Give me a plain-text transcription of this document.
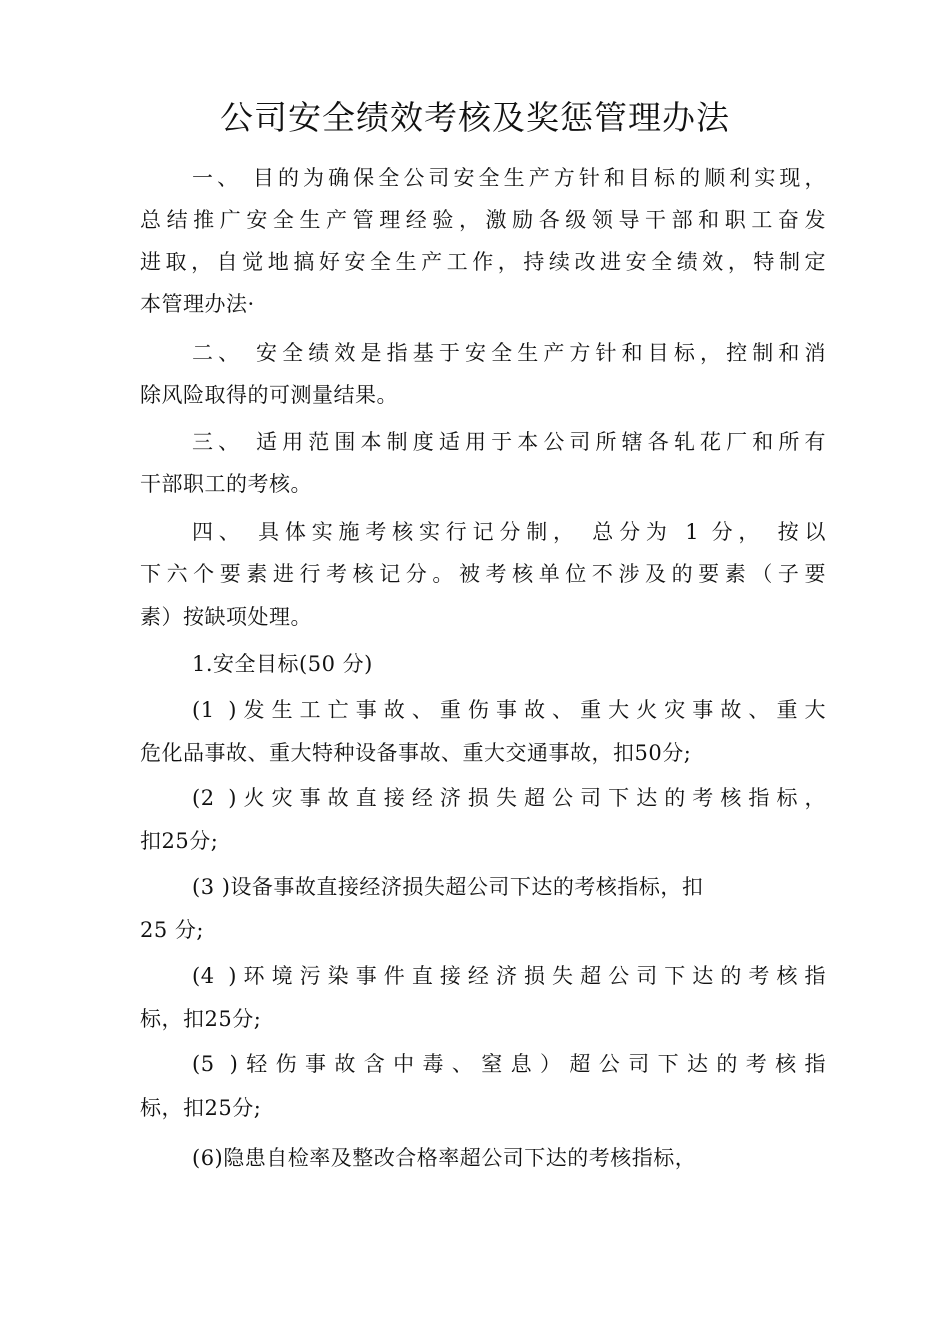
公司安全绩效考核及奖惩管理办法
一、 目的为确保全公司安全生产方针和目标的顺利实现，
总结推广安全生产管理经验，激励各级领导干部和职工奋发
进取，自觉地搞好安全生产工作，持续改进安全绩效，特制定
本管理办法·
二、 安全绩效是指基于安全生产方针和目标，控制和消
除风险取得的可测量结果。
三、 适用范围本制度适用于本公司所辖各轧花厂和所有
干部职工的考核。
四、 具体实施考核实行记分制， 总分为 1 分， 按以
下六个要素进行考核记分。被考核单位不涉及的要素（子要
素）按缺项处理。
1.安全目标(50 分)
(1 )发生工亡事故、重伤事故、重大火灾事故、重大
危化品事故、重大特种设备事故、重大交通事故，扣50分;
(2 )火灾事故直接经济损失超公司下达的考核指标，
扣25分;
(3 )设备事故直接经济损失超公司下达的考核指标，扣
25 分;
(4 )环境污染事件直接经济损失超公司下达的考核指
标，扣25分;
(5 )轻伤事故含中毒、窒息）超公司下达的考核指
标，扣25分;
(6)隐患自检率及整改合格率超公司下达的考核指标，
